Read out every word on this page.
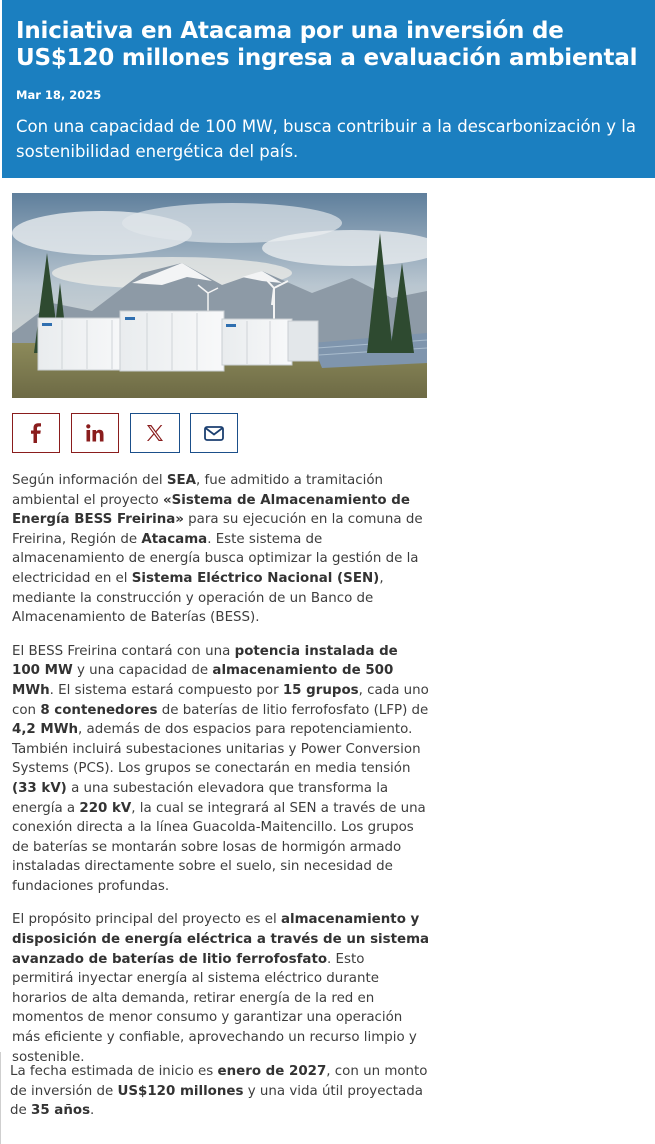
Iniciativa en Atacama por una inversión de US$120 millones ingresa a evaluación ambiental
Mar 18, 2025
Con una capacidad de 100 MW, busca contribuir a la descarbonización y la sostenibilidad energética del país.

Según información del SEA, fue admitido a tramitación ambiental el proyecto «Sistema de Almacenamiento de Energía BESS Freirina» para su ejecución en la comuna de Freirina, Región de Atacama. Este sistema de almacenamiento de energía busca optimizar la gestión de la electricidad en el Sistema Eléctrico Nacional (SEN), mediante la construcción y operación de un Banco de Almacenamiento de Baterías (BESS).

El BESS Freirina contará con una potencia instalada de 100 MW y una capacidad de almacenamiento de 500 MWh. El sistema estará compuesto por 15 grupos, cada uno con 8 contenedores de baterías de litio ferrofosfato (LFP) de 4,2 MWh, además de dos espacios para repotenciamiento. También incluirá subestaciones unitarias y Power Conversion Systems (PCS). Los grupos se conectarán en media tensión (33 kV) a una subestación elevadora que transforma la energía a 220 kV, la cual se integrará al SEN a través de una conexión directa a la línea Guacolda-Maitencillo. Los grupos de baterías se montarán sobre losas de hormigón armado instaladas directamente sobre el suelo, sin necesidad de fundaciones profundas.

El propósito principal del proyecto es el almacenamiento y disposición de energía eléctrica a través de un sistema avanzado de baterías de litio ferrofosfato. Esto permitirá inyectar energía al sistema eléctrico durante horarios de alta demanda, retirar energía de la red en momentos de menor consumo y garantizar una operación más eficiente y confiable, aprovechando un recurso limpio y sostenible.

La fecha estimada de inicio es enero de 2027, con un monto de inversión de US$120 millones y una vida útil proyectada de 35 años.
